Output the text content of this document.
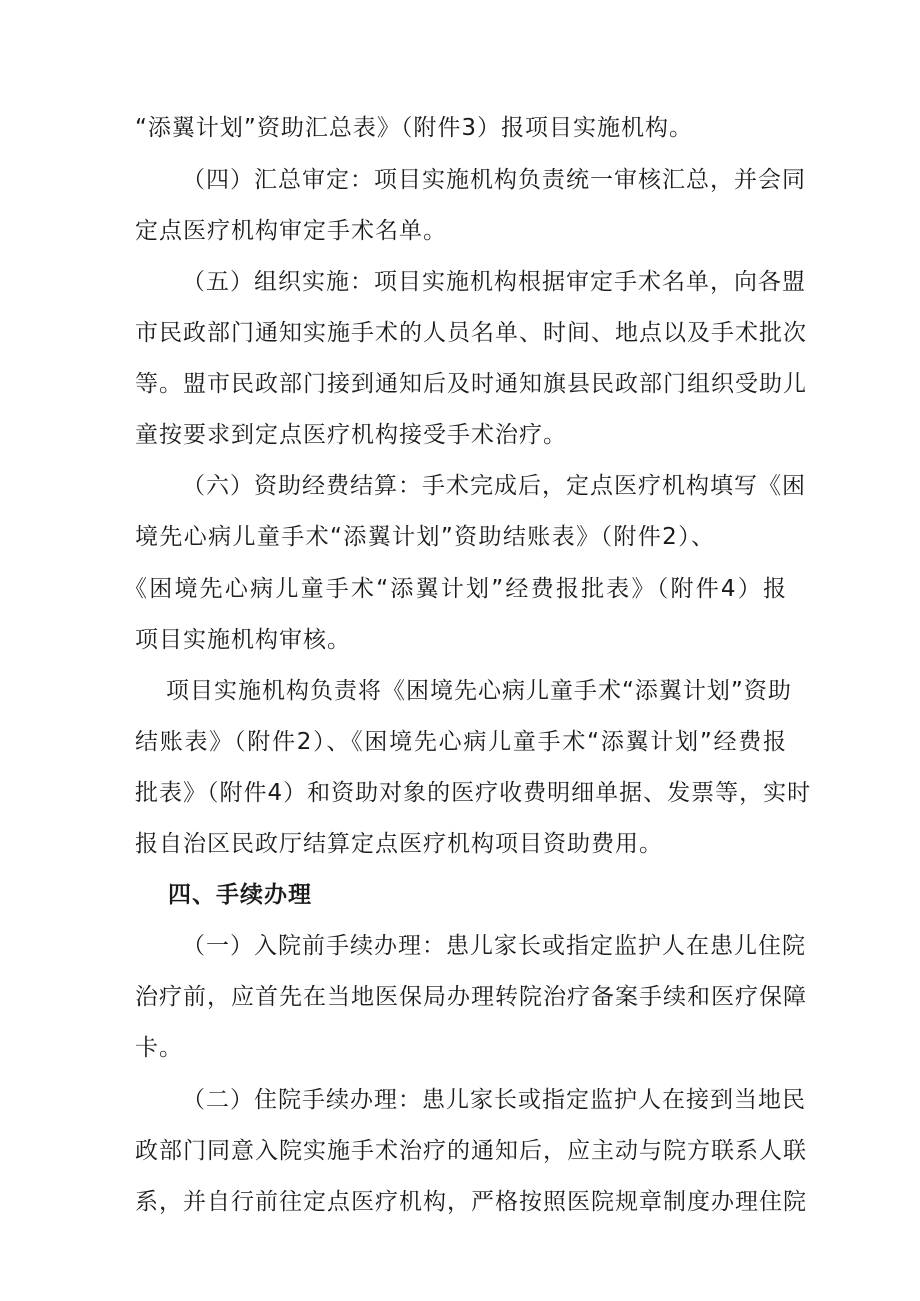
“添翼计划”资助汇总表》（附件3）报项目实施机构。
（四）汇总审定：项目实施机构负责统一审核汇总，并会同
定点医疗机构审定手术名单。
（五）组织实施：项目实施机构根据审定手术名单，向各盟
市民政部门通知实施手术的人员名单、时间、地点以及手术批次
等。盟市民政部门接到通知后及时通知旗县民政部门组织受助儿
童按要求到定点医疗机构接受手术治疗。
（六）资助经费结算：手术完成后，定点医疗机构填写《困
境先心病儿童手术“添翼计划”资助结账表》（附件2）、
《困境先心病儿童手术“添翼计划”经费报批表》（附件4）报
项目实施机构审核。
项目实施机构负责将《困境先心病儿童手术“添翼计划”资助
结账表》（附件2）、《困境先心病儿童手术“添翼计划”经费报
批表》（附件4）和资助对象的医疗收费明细单据、发票等，实时
报自治区民政厅结算定点医疗机构项目资助费用。
四、手续办理
（一）入院前手续办理：患儿家长或指定监护人在患儿住院
治疗前，应首先在当地医保局办理转院治疗备案手续和医疗保障
卡。
（二）住院手续办理：患儿家长或指定监护人在接到当地民
政部门同意入院实施手术治疗的通知后，应主动与院方联系人联
系，并自行前往定点医疗机构，严格按照医院规章制度办理住院
